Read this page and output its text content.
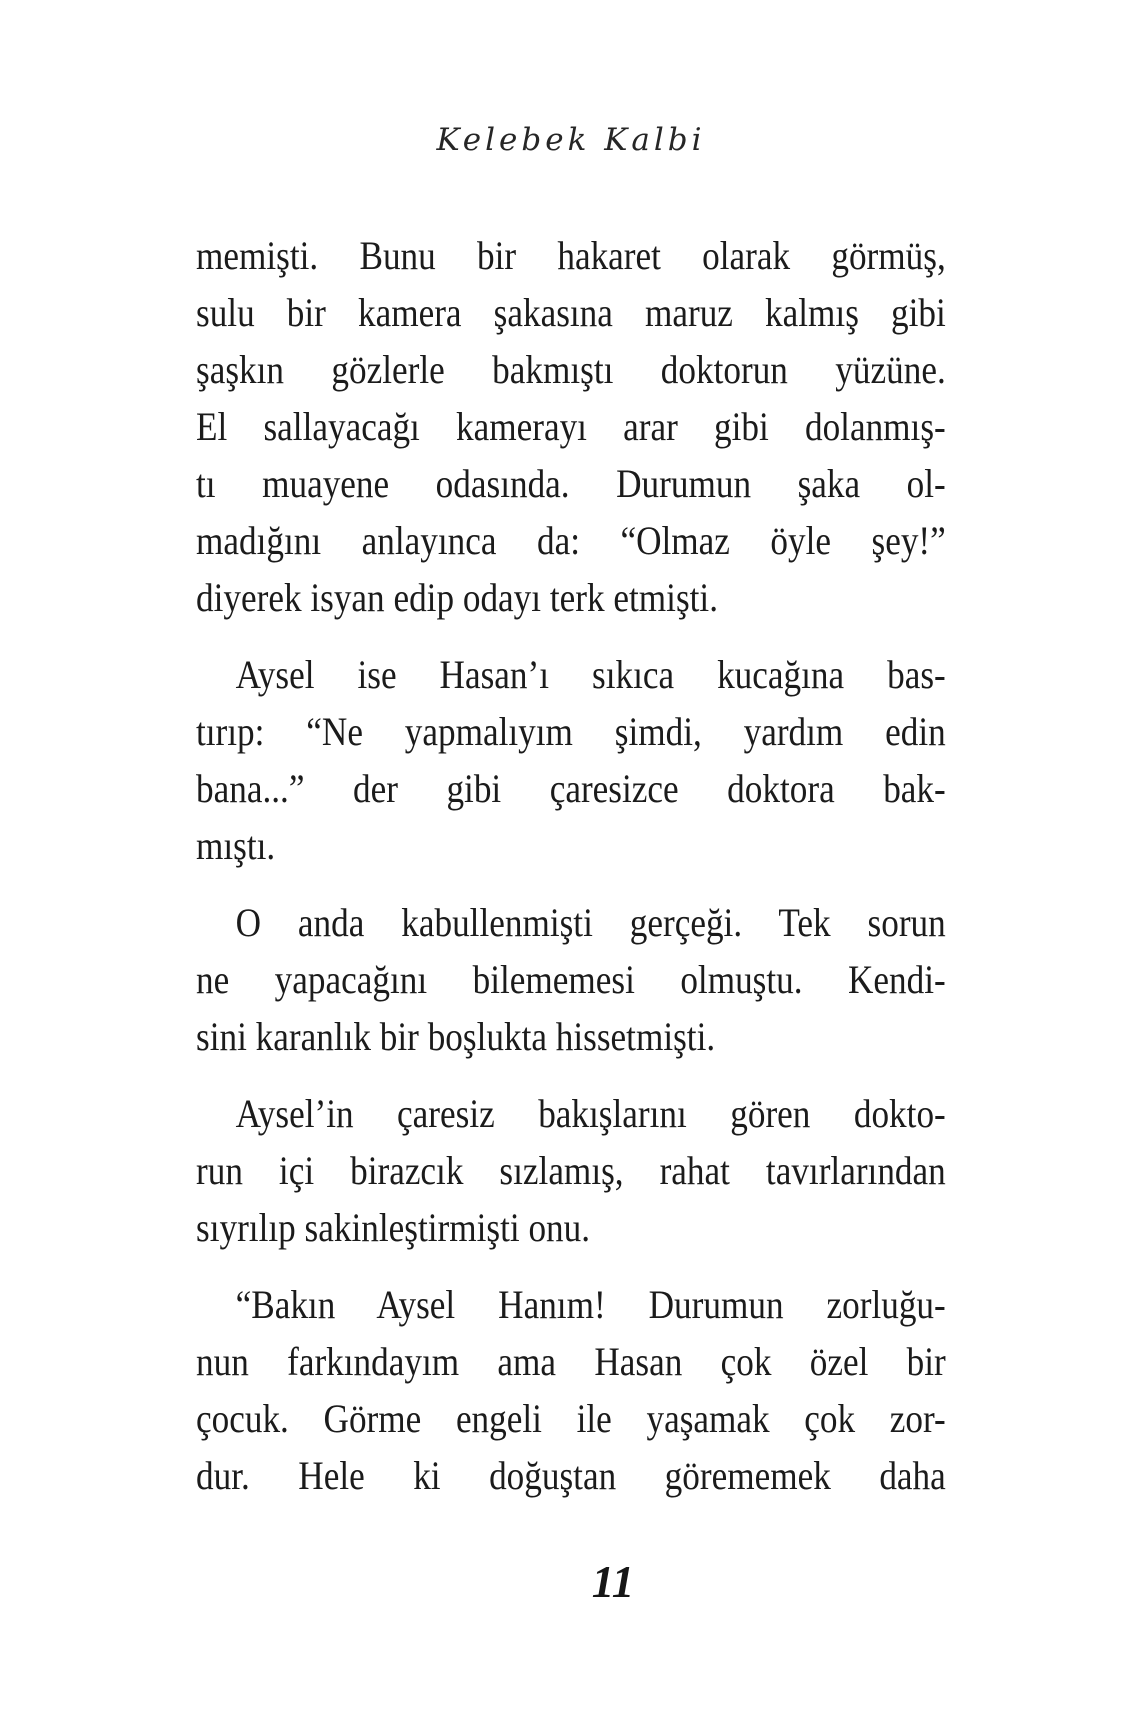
Kelebek Kalbi
memişti. Bunu bir hakaret olarak görmüş,
sulu bir kamera şakasına maruz kalmış gibi
şaşkın gözlerle bakmıştı doktorun yüzüne.
El sallayacağı kamerayı arar gibi dolanmış-
tı muayene odasında. Durumun şaka ol-
madığını anlayınca da: “Olmaz öyle şey!”
diyerek isyan edip odayı terk etmişti.
Aysel ise Hasan’ı sıkıca kucağına bas-
tırıp: “Ne yapmalıyım şimdi, yardım edin
bana...” der gibi çaresizce doktora bak-
mıştı.
O anda kabullenmişti gerçeği. Tek sorun
ne yapacağını bilememesi olmuştu. Kendi-
sini karanlık bir boşlukta hissetmişti.
Aysel’in çaresiz bakışlarını gören dokto-
run içi birazcık sızlamış, rahat tavırlarından
sıyrılıp sakinleştirmişti onu.
“Bakın Aysel Hanım! Durumun zorluğu-
nun farkındayım ama Hasan çok özel bir
çocuk. Görme engeli ile yaşamak çok zor-
dur. Hele ki doğuştan görememek daha
11
